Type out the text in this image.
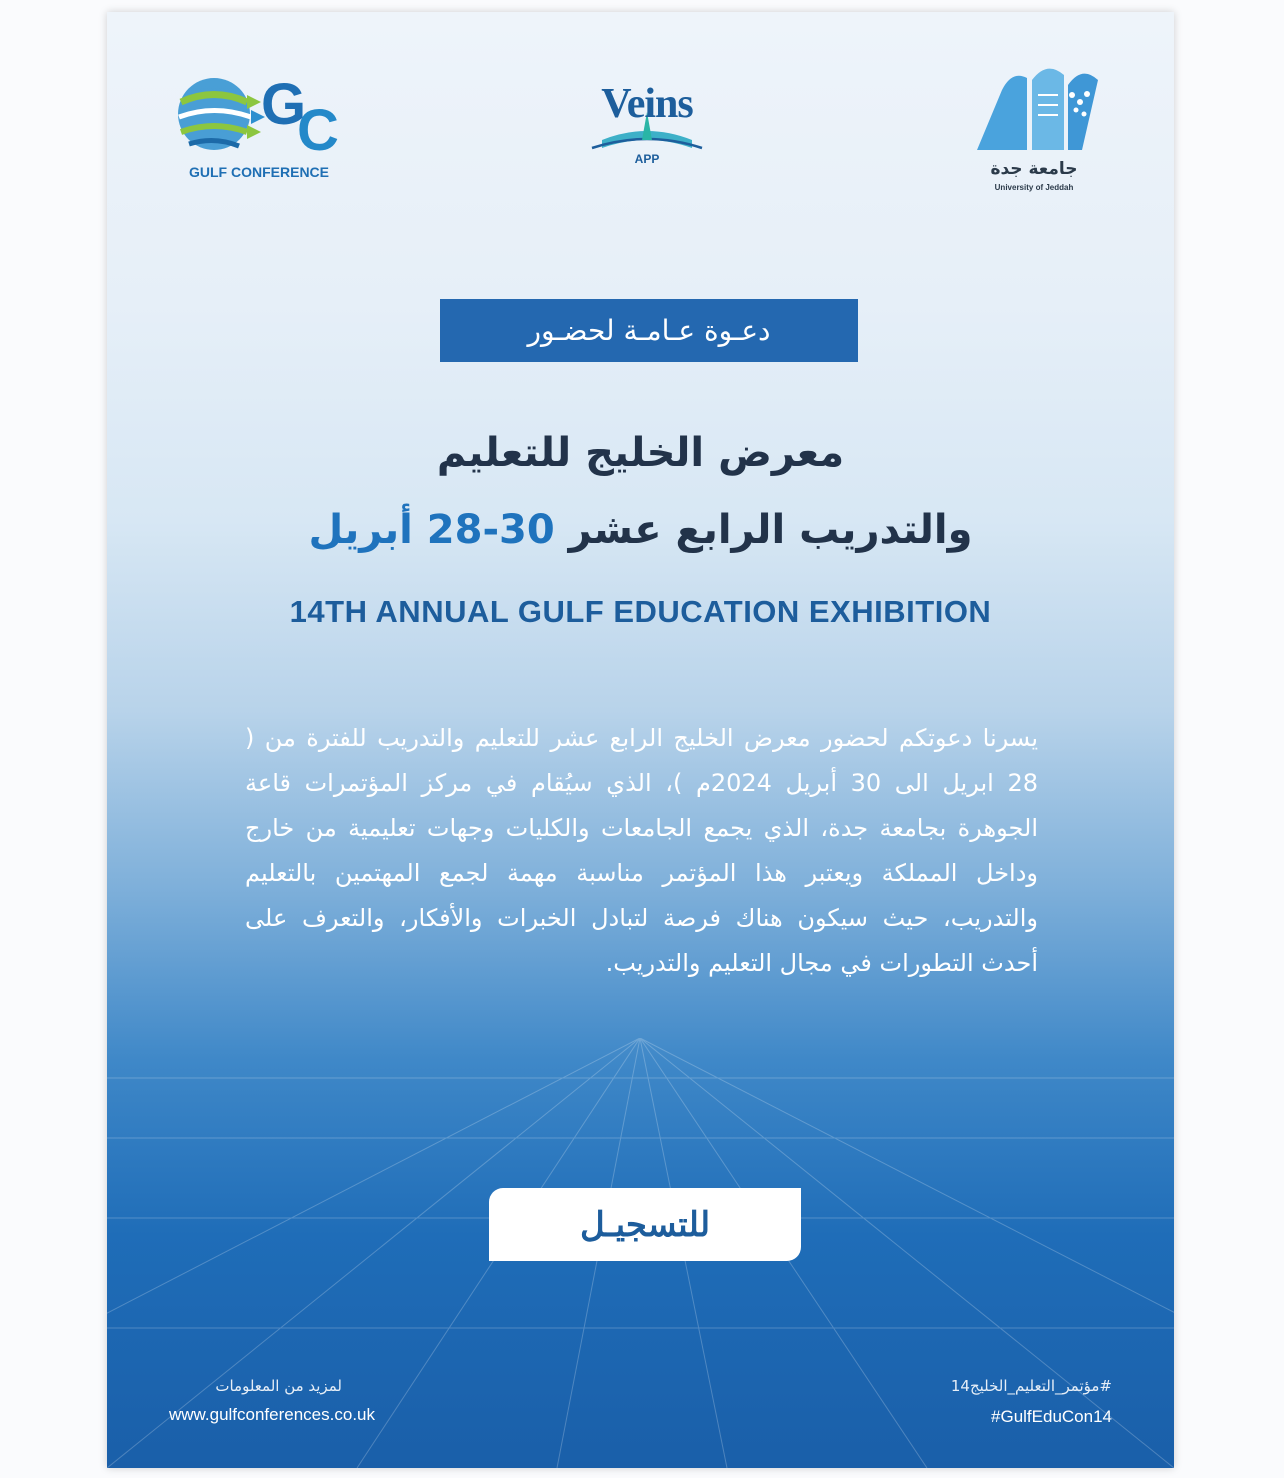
G
C
GULF CONFERENCE
Veins
APP	جامعة جدة
University of Jeddah
دعـوة عـامـة لحضـور
معرض الخليج للتعليم
والتدريب الرابع عشر 30-28 أبريل
14TH ANNUAL GULF EDUCATION EXHIBITION
يسرنا دعوتكم لحضور معرض الخليج الرابع عشر للتعليم والتدريب للفترة من ( 28 ابريل الى 30 أبريل 2024م )، الذي سيُقام في مركز المؤتمرات قاعة الجوهرة بجامعة جدة، الذي يجمع الجامعات والكليات وجهات تعليمية من خارج وداخل المملكة ويعتبر هذا المؤتمر مناسبة مهمة لجمع المهتمين بالتعليم والتدريب، حيث سيكون هناك فرصة لتبادل الخبرات والأفكار، والتعرف على أحدث التطورات في مجال التعليم والتدريب.
للتسجيـل
لمزيد من المعلومات
www.gulfconferences.co.uk
#مؤتمر_التعليم_الخليج14
#GulfEduCon14
